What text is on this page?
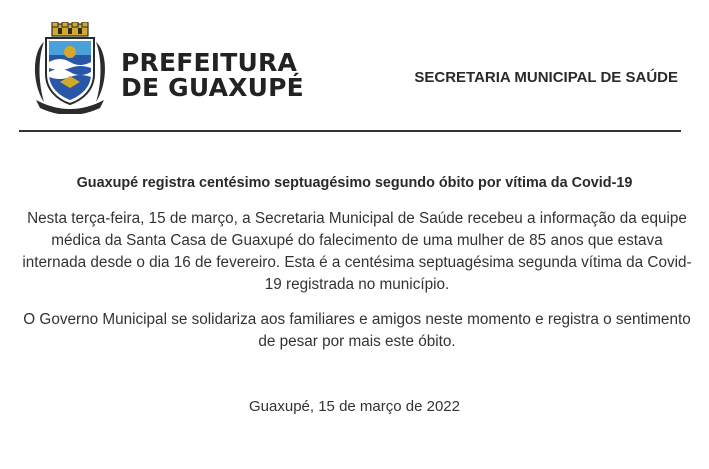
PREFEITURA
DE GUAXUPÉ	SECRETARIA MUNICIPAL DE SAÚDE
Guaxupé registra centésimo septuagésimo segundo óbito por vítima da Covid-19

Nesta terça-feira, 15 de março, a Secretaria Municipal de Saúde recebeu a informação da equipe médica da Santa Casa de Guaxupé do falecimento de uma mulher de 85 anos que estava internada desde o dia 16 de fevereiro. Esta é a centésima septuagésima segunda vítima da Covid-19 registrada no município.

O Governo Municipal se solidariza aos familiares e amigos neste momento e registra o sentimento de pesar por mais este óbito.

Guaxupé, 15 de março de 2022
